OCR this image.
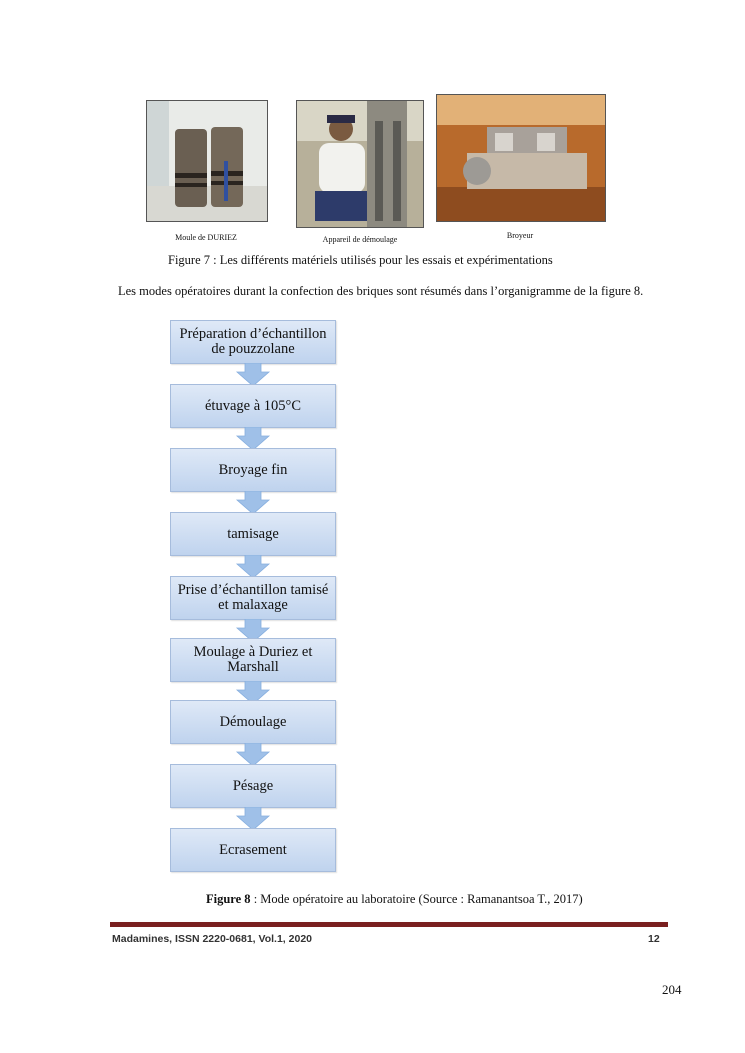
Moule de DURIEZ	Appareil de démoulage	Broyeur
Figure 7 : Les différents matériels utilisés pour les essais et expérimentations
Les modes opératoires durant la confection des briques sont résumés dans l’organigramme de la figure 8.
Préparation d’échantillon de pouzzolane
étuvage à 105°C
Broyage fin
tamisage
Prise d’échantillon tamisé et malaxage
Moulage à Duriez et Marshall
Démoulage
Pésage
Ecrasement
Figure 8 : Mode opératoire au laboratoire (Source : Ramanantsoa T., 2017)
Madamines, ISSN 2220-0681, Vol.1, 2020	12
204
